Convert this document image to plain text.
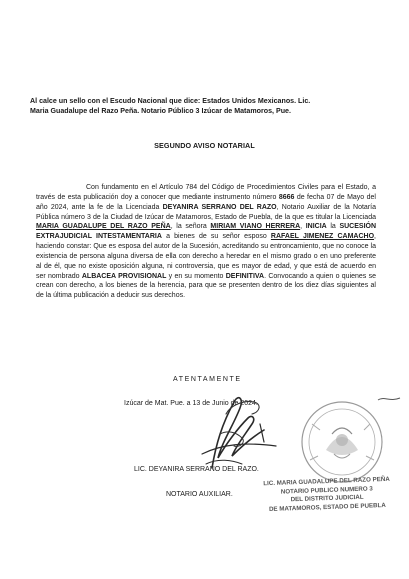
Al calce un sello con el Escudo Nacional que dice: Estados Unidos Mexicanos. Lic.
Maria Guadalupe del Razo Peña. Notario Público 3 Izúcar de Matamoros, Pue.
SEGUNDO AVISO NOTARIAL
Con fundamento en el Artículo 784 del Código de Procedimientos Civiles para el Estado, a través de esta publicación doy a conocer que mediante instrumento número 8666 de fecha 07 de Mayo del año 2024, ante la fe de la Licenciada DEYANIRA SERRANO DEL RAZO, Notario Auxiliar de la Notaría Pública número 3 de la Ciudad de Izúcar de Matamoros, Estado de Puebla, de la que es titular la Licenciada MARIA GUADALUPE DEL RAZO PEÑA, la señora MIRIAM VIANO HERRERA, INICIA la SUCESIÓN EXTRAJUDICIAL INTESTAMENTARIA a bienes de su señor esposo RAFAEL JIMENEZ CAMACHO, haciendo constar: Que es esposa del autor de la Sucesión, acreditando su entroncamiento, que no conoce la existencia de persona alguna diversa de ella con derecho a heredar en el mismo grado o en uno preferente al de él, que no existe oposición alguna, ni controversia, que es mayor de edad, y que está de acuerdo en ser nombrado ALBACEA PROVISIONAL y en su momento DEFINITIVA. Convocando a quien o quienes se crean con derecho, a los bienes de la herencia, para que se presenten dentro de los diez días siguientes al de la última publicación a deducir sus derechos.
ATENTAMENTE
Izúcar de Mat. Pue. a 13 de Junio de 2024.
LIC. DEYANIRA SERRANO DEL RAZO.
NOTARIO AUXILIAR.
LIC. MARIA GUADALUPE DEL RAZO PEÑA
NOTARIO PUBLICO NUMERO 3
DEL DISTRITO JUDICIAL
DE MATAMOROS, ESTADO DE PUEBLA
